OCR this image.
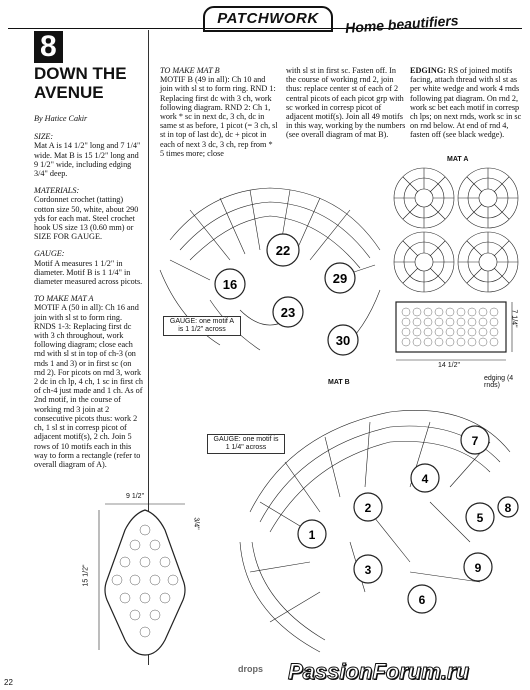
PATCHWORK	Home beautifiers
8
DOWN THE
AVENUE
By Hatice Cakir
SIZE:
Mat A is 14 1/2" long and 7 1/4" wide. Mat B is 15 1/2" long and 9 1/2" wide, including edging 3/4" deep.
MATERIALS:
Cordonnet crochet (tatting) cotton size 50, white, about 290 yds for each mat. Steel crochet hook US size 13 (0.60 mm) or SIZE FOR GAUGE.
GAUGE:
Motif A measures 1 1/2" in diameter. Motif B is 1 1/4" in diameter measured across picots.
TO MAKE MAT A
MOTIF A (50 in all): Ch 16 and join with sl st to form ring. RNDS 1-3: Replacing first dc with 3 ch throughout, work following diagram; close each rnd with sl st in top of ch-3 (on rnds 1 and 3) or in first sc (on rnd 2). For picots on rnd 3, work 2 dc in ch lp, 4 ch, 1 sc in first ch of ch-4 just made and 1 ch. As of 2nd motif, in the course of working rnd 3 join at 2 consecutive picots thus: work 2 ch, 1 sl st in corresp picot of adjacent motif(s), 2 ch. Join 5 rows of 10 motifs each in this way to form a rectangle (refer to overall diagram of A).
TO MAKE MAT B
MOTIF B (49 in all): Ch 10 and join with sl st to form ring. RND 1: Replacing first dc with 3 ch, work following diagram. RND 2: Ch 1, work * sc in next dc, 3 ch, dc in same st as before, 1 picot (= 3 ch, sl st in top of last dc), dc + picot in each of next 3 dc, 3 ch, rep from * 5 times more; close
with sl st in first sc. Fasten off. In the course of working rnd 2, join thus: replace center st of each of 2 central picots of each picot grp with sc worked in corresp picot of adjacent motif(s). Join all 49 motifs in this way, working by the numbers (see overall diagram of mat B).
EDGING: RS of joined motifs facing, attach thread with sl st as per white wedge and work 4 rnds following pat diagram. On rnd 2, work sc bet each motif in corresp ch lps; on next rnds, work sc in sc on rnd below. At end of rnd 4, fasten off (see black wedge).
22
16	29
23
30
GAUGE: one motif A is 1 1/2" across
MAT A
14 1/2"
7 1/4"
MAT B
GAUGE: one motif is 1 1/4" across
edging (4 rnds)
7
4
2
5
8
1
3
6
9
9 1/2"
15 1/2"
3/4"
drops PassionForum.ru
22
